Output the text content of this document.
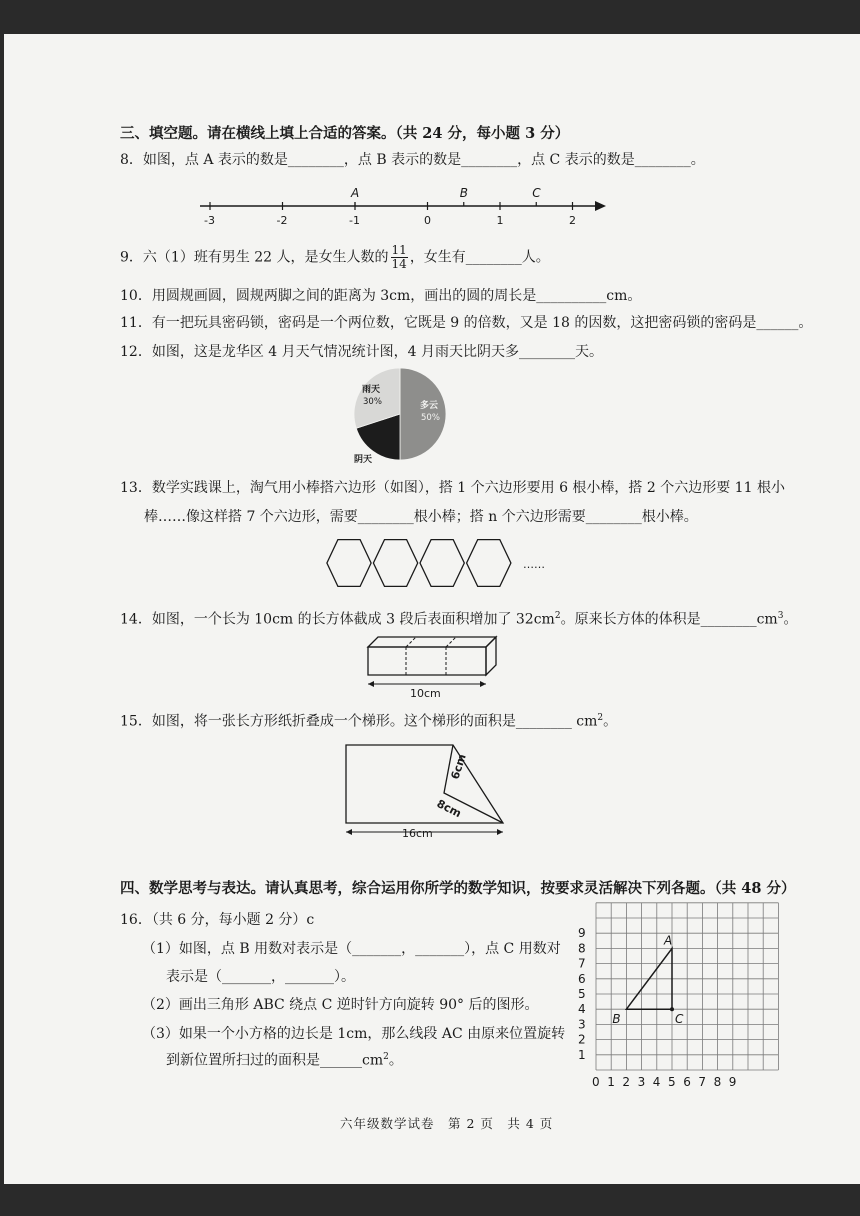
三、填空题。请在横线上填上合适的答案。（共 24 分，每小题 3 分）
8．如图，点 A 表示的数是________，点 B 表示的数是________，点 C 表示的数是________。
-3	-2	-1	0	1	2
A	B	C
9．六（1）班有男生 22 人，是女生人数的 $\frac{11}{14}$ ，女生有________人。
10．用圆规画圆，圆规两脚之间的距离为 3cm，画出的圆的周长是__________cm。
11．有一把玩具密码锁，密码是一个两位数，它既是 9 的倍数，又是 18 的因数，这把密码锁的密码是______。
12．如图，这是龙华区 4 月天气情况统计图，4 月雨天比阴天多________天。
雨天
30%	多云
50%
阴天
13．数学实践课上，淘气用小棒搭六边形（如图），搭 1 个六边形要用 6 根小棒，搭 2 个六边形要 11 根小
棒……像这样搭 7 个六边形，需要________根小棒；搭 n 个六边形需要________根小棒。
……
14．如图，一个长为 10cm 的长方体截成 3 段后表面积增加了 $32cm^2$。原来长方体的体积是$\_\_\_\_\_\_\_\_cm^3$。
10cm
15．如图，将一张长方形纸折叠成一个梯形。这个梯形的面积是________ $cm^2$。
6cm
8cm
16cm
四、数学思考与表达。请认真思考，综合运用你所学的数学知识，按要求灵活解决下列各题。（共 48 分）
16．（共 6 分，每小题 2 分）c
（1）如图，点 B 用数对表示是（_______，_______），点 C 用数对
表示是（_______，_______）。
（2）画出三角形 ABC 绕点 C 逆时针方向旋转 90° 后的图形。
（3）如果一个小方格的边长是 1cm，那么线段 AC 由原来位置旋转
到新位置所扫过的面积是$\_\_\_\_\_\_cm^2$。
0 1 2 3 4 5 6 7 8 9
1
2
3
4
5
6
7
8
9
A
B	C
六年级数学试卷　第 2 页　共 4 页
